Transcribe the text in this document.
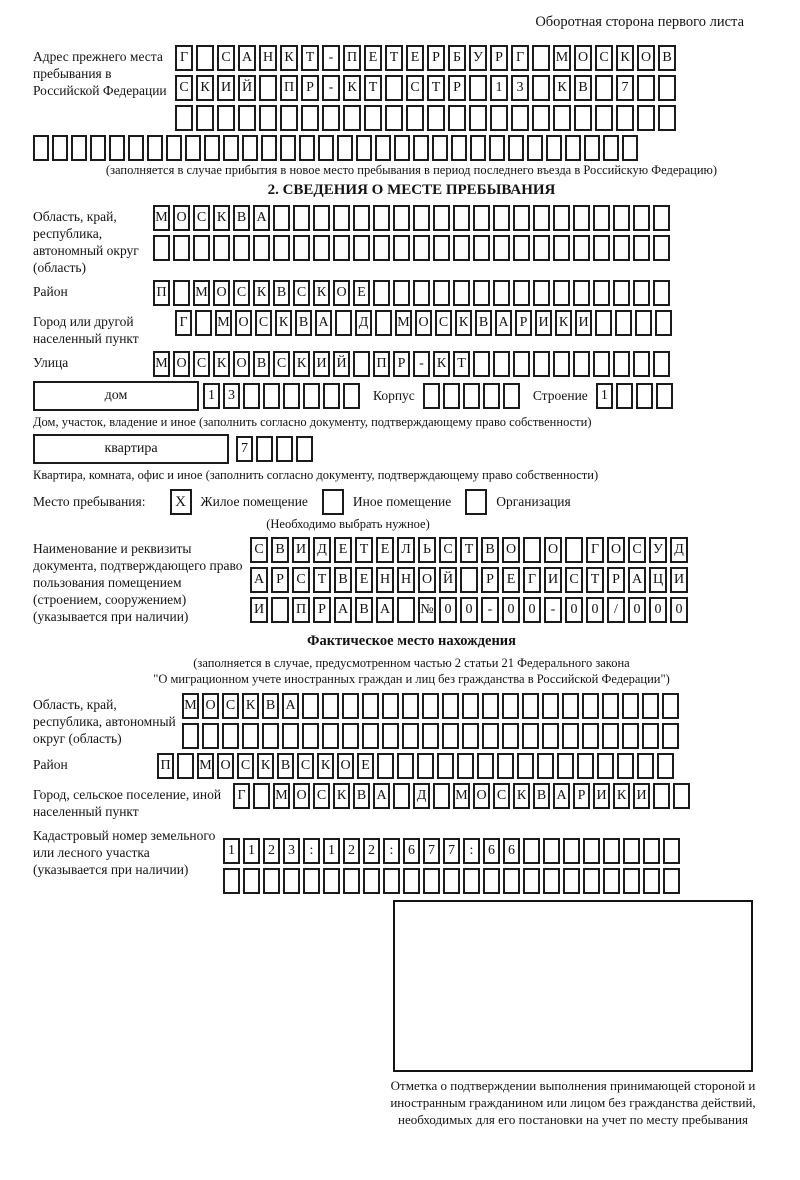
Оборотная сторона первого листа
Адрес прежнего места пребывания в Российской Федерации
Г	С А Н К Т	- П Е Т Е Р Б У Р Г	М О С К О В
С К И Й П Р	-	К Т	С Т Р	1	3	К В	7
(заполняется в случае прибытия в новое место пребывания в период последнего въезда в Российскую Федерацию)
2. СВЕДЕНИЯ О МЕСТЕ ПРЕБЫВАНИЯ
Область, край, республика, автономный округ (область)
М О С К В А
Район	П М О С К В С К О Е
Город или другой населенный пункт
Г	М О С К В А Д М О С К В А Р И К И
Улица	М О С К О В С К И Й П Р - К Т
дом	1 3	Корпус	Строение 1
Дом, участок, владение и иное (заполнить согласно документу, подтверждающему право собственности)
квартира	7
Квартира, комната, офис и иное (заполнить согласно документу, подтверждающему право собственности)
Место пребывания:	X	Жилое помещение	Иное помещение	Организация
(Необходимо выбрать нужное)
Наименование и реквизиты документа, подтверждающего право пользования помещением (строением, сооружением) (указывается при наличии)
С В И Д Е Т Е Л Ь С Т В О О	Г О С У Д
А Р С Т В Е Н Н О Й	Р Е Г И С Т Р А Ц И
И П Р А В А № 0	0	-	0	0	-	0	0	/	0	0	0
Фактическое место нахождения
(заполняется в случае, предусмотренном частью 2 статьи 21 Федерального закона
"О миграционном учете иностранных граждан и лиц без гражданства в Российской Федерации")
Область, край, республика, автономный округ (область)
М О С К В А
Район	П М О С К В С К О Е
Город, сельское поселение, иной населенный пункт
Г	М О С К В А Д М О С К В А Р И К И
Кадастровый номер земельного или лесного участка (указывается при наличии)
1 1 2 3	:	1 2 2	:	6 7 7	:	6 6
Отметка о подтверждении выполнения принимающей стороной и иностранным гражданином или лицом без гражданства действий, необходимых для его постановки на учет по месту пребывания
